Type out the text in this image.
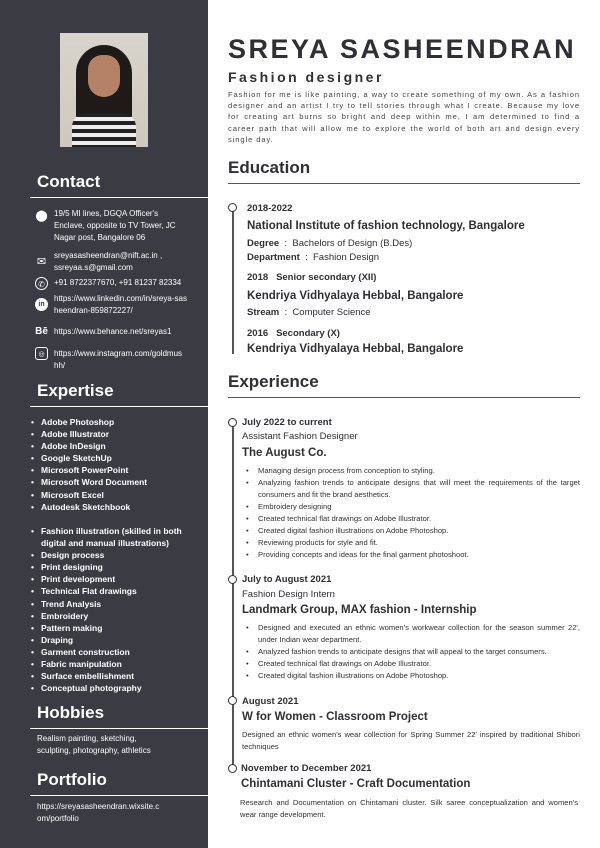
Contact
⬤ 19/5 MI lines, DGQA Officer's Enclave, opposite to TV Tower, JC Nagar post, Bangalore 06
✉
sreyasasheendran@nift.ac.in ,
ssreyaa.s@gmail.com
✆	+91 8722377670, +91 81237 82334
in
https://www.linkedin.com/in/sreya-sasheendran-859872227/
Bē https://www.behance.net/sreyas1
◎	https://www.instagram.com/goldmushh/
Expertise
• Adobe Photoshop
• Adobe Illustrator
• Adobe InDesign
• Google SketchUp
• Microsoft PowerPoint
• Microsoft Word Document
• Microsoft Excel
• Autodesk Sketchbook
• Fashion illustration (skilled in both digital and manual illustrations)
• Design process
• Print designing
• Print development
• Technical Flat drawings
• Trend Analysis
• Embroidery
• Pattern making
• Draping
• Garment construction
• Fabric manipulation
• Surface embellishment
• Conceptual photography
Hobbies
Realism painting, sketching, sculpting, photography, athletics
Portfolio
https://sreyasasheendran.wixsite.com/portfolio
SREYA SASHEENDRAN
Fashion designer
Fashion for me is like painting, a way to create something of my own. As a fashion designer and an artist I try to tell stories through what I create. Because my love for creating art burns so bright and deep within me, I am determined to find a career path that will allow me to explore the world of both art and design every single day.
Education
2018-2022
National Institute of fashion technology, Bangalore
Degree  :  Bachelors of Design (B.Des)
Department  :  Fashion Design
2018 Senior secondary (XII)
Kendriya Vidhyalaya Hebbal, Bangalore
Stream  :  Computer Science
2016 Secondary (X)
Kendriya Vidhyalaya Hebbal, Bangalore
Experience
July 2022 to current
Assistant Fashion Designer
The August Co.
• Managing design process from conception to styling.
• Analyzing fashion trends to anticipate designs that will meet the requirements of the target consumers and fit the brand aesthetics.
• Embroidery designing
• Created technical flat drawings on Adobe Illustrator.
• Created digital fashion illustrations on Adobe Photoshop.
• Reviewing products for style and fit.
• Providing concepts and ideas for the final garment photoshoot.
July to August 2021
Fashion Design Intern
Landmark Group, MAX fashion - Internship
• Designed and executed an ethnic women's workwear collection for the season summer 22', under Indian wear department.
• Analyzed fashion trends to anticipate designs that will appeal to the target consumers.
• Created technical flat drawings on Adobe Illustrator.
• Created digital fashion illustrations on Adobe Photoshop.
August 2021
W for Women - Classroom Project
Designed an ethnic women's wear collection for Spring Summer 22' inspired by traditional Shibori techniques
November to December 2021
Chintamani Cluster - Craft Documentation
Research and Documentation on Chintamani cluster. Silk saree conceptualization and women's wear range development.
